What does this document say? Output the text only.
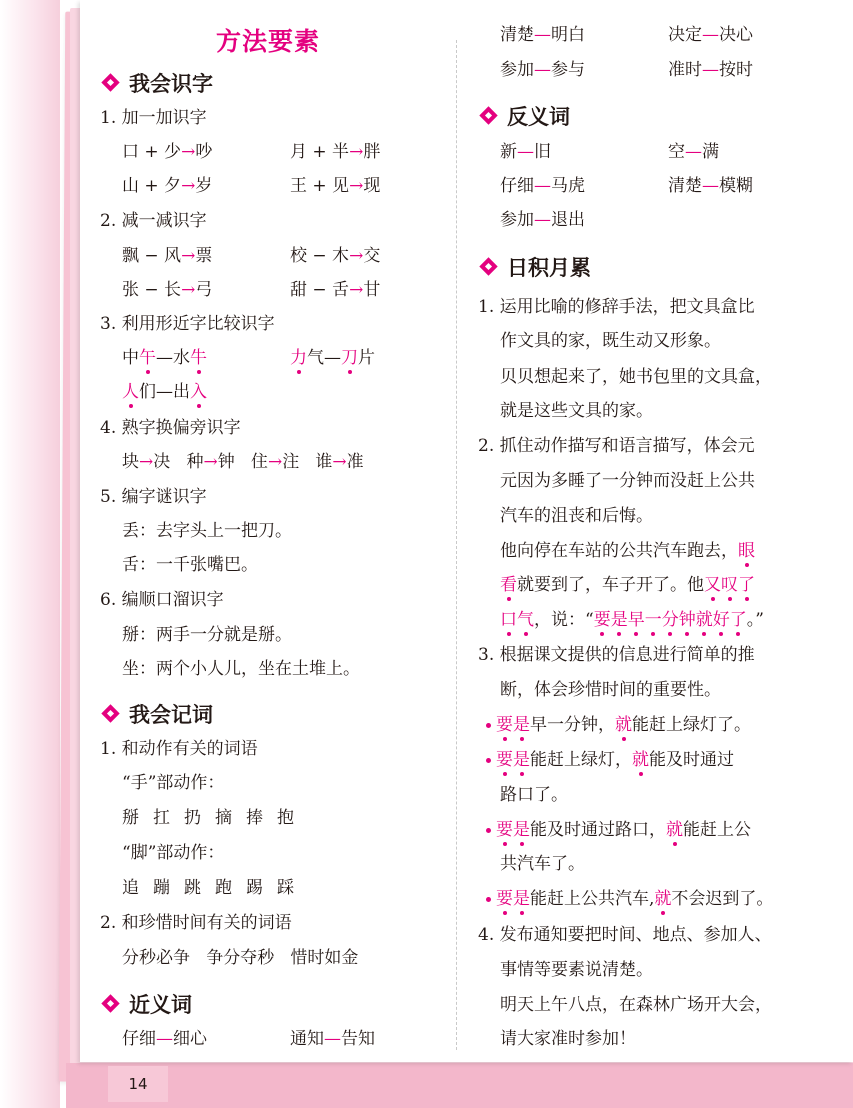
14
方法要素
我会识字
1. 加一加识字
口 + 少→吵	月 + 半→胖
山 + 夕→岁	王 + 见→现
2. 减一减识字
飘 − 风→票	校 − 木→交
张 − 长→弓	甜 − 舌→甘
3. 利用形近字比较识字
中午—水牛	力气—刀片
人们—出入
4. 熟字换偏旁识字
块→决   种→钟   住→注   谁→准
5. 编字谜识字
丢：去字头上一把刀。
舌：一千张嘴巴。
6. 编顺口溜识字
掰：两手一分就是掰。
坐：两个小人儿，坐在土堆上。
我会记词
1. 和动作有关的词语
“手”部动作：
掰扛扔摘捧抱
“脚”部动作：
追蹦跳跑踢踩
2. 和珍惜时间有关的词语
分秒必争   争分夺秒   惜时如金
近义词
仔细—细心	通知—告知
清楚—明白	决定—决心
参加—参与	准时—按时
反义词
新—旧	空—满
仔细—马虎	清楚—模糊
参加—退出
日积月累
1. 运用比喻的修辞手法，把文具盒比
作文具的家，既生动又形象。
贝贝想起来了，她书包里的文具盒，
就是这些文具的家。
2. 抓住动作描写和语言描写，体会元
元因为多睡了一分钟而没赶上公共
汽车的沮丧和后悔。
他向停在车站的公共汽车跑去，眼
看就要到了，车子开了。他又叹了
口气，说：“要是早一分钟就好了。”
3. 根据课文提供的信息进行简单的推
断，体会珍惜时间的重要性。
要是早一分钟，就能赶上绿灯了。
要是能赶上绿灯，就能及时通过
路口了。
要是能及时通过路口，就能赶上公
共汽车了。
要是能赶上公共汽车,就不会迟到了。
4. 发布通知要把时间、地点、参加人、
事情等要素说清楚。
明天上午八点，在森林广场开大会，
请大家准时参加！
